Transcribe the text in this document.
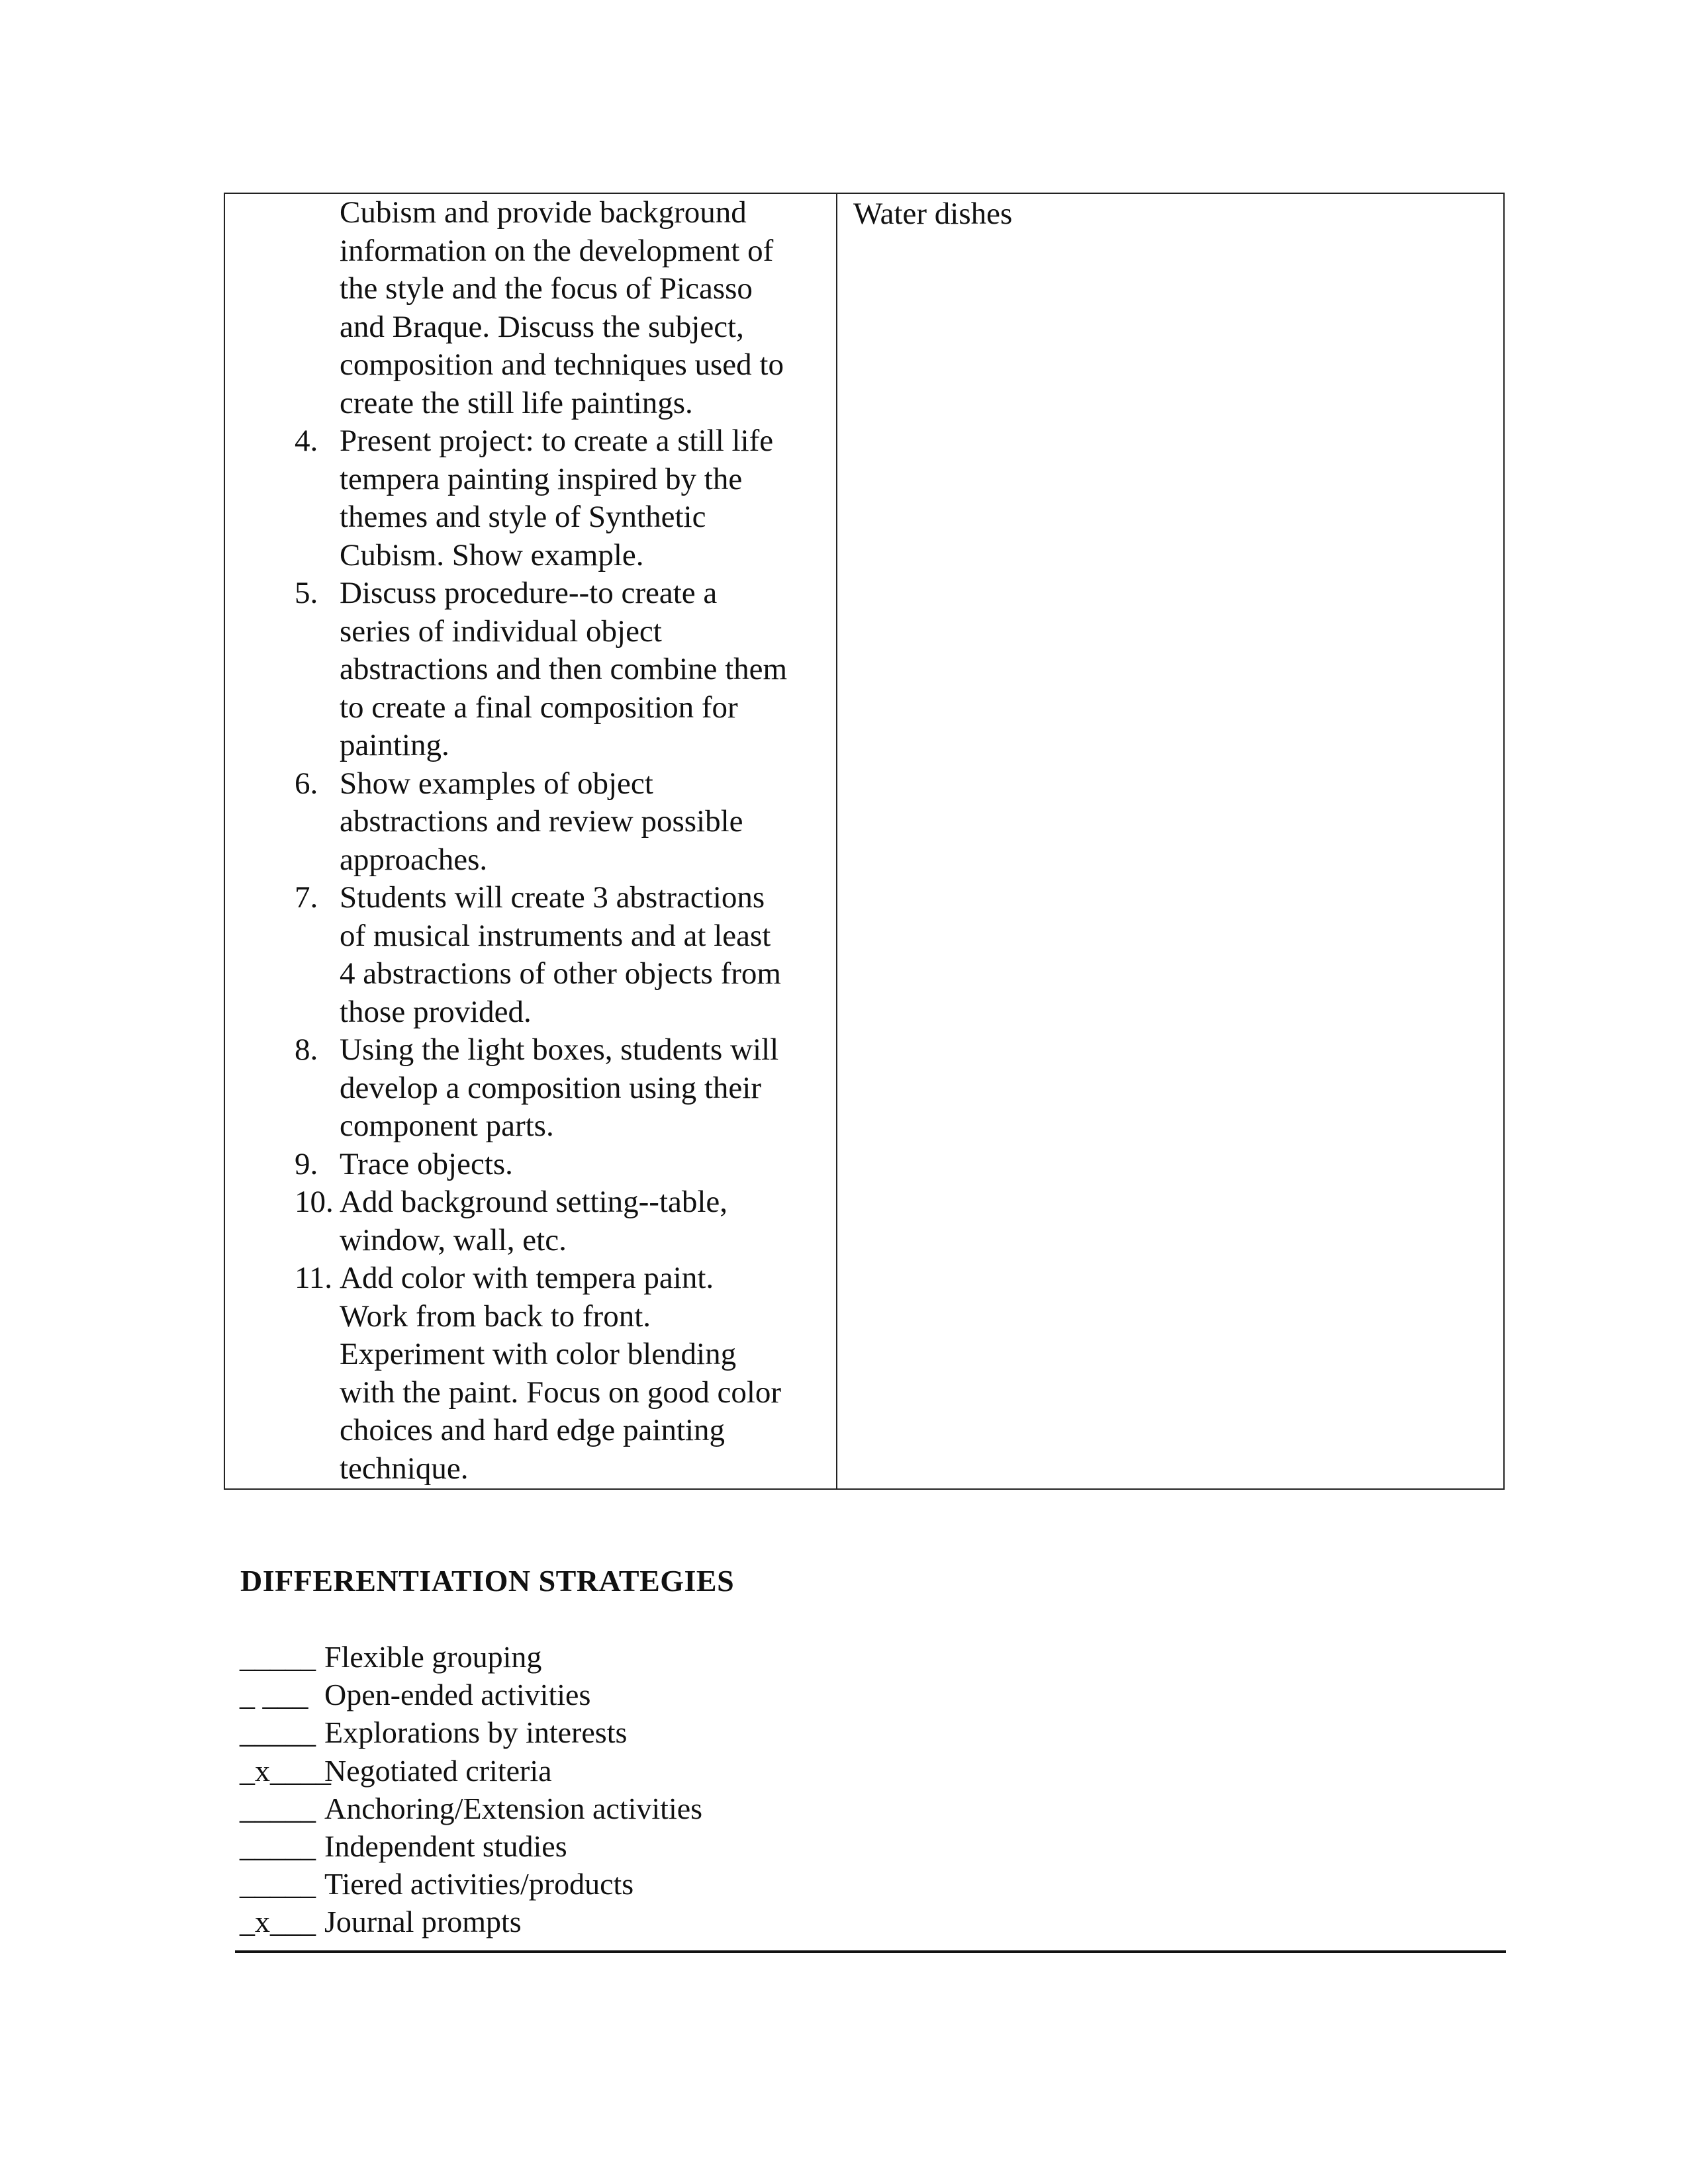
Cubism and provide background
information on the development of
the style and the focus of Picasso
and Braque. Discuss the subject,
composition and techniques used to
create the still life paintings.
4. Present project: to create a still life
tempera painting inspired by the
themes and style of Synthetic
Cubism. Show example.
5. Discuss procedure--to create a
series of individual object
abstractions and then combine them
to create a final composition for
painting.
6. Show examples of object
abstractions and review possible
approaches.
7. Students will create 3 abstractions
of musical instruments and at least
4 abstractions of other objects from
those provided.
8. Using the light boxes, students will
develop a composition using their
component parts.
9. Trace objects.
10. Add background setting--table,
window, wall, etc.
11. Add color with tempera paint.
Work from back to front.
Experiment with color blending
with the paint. Focus on good color
choices and hard edge painting
technique.
Water dishes
DIFFERENTIATION STRATEGIES
_____ Flexible grouping
_ ___ Open-ended activities
_____ Explorations by interests
_x____
Negotiated criteria
_____ Anchoring/Extension activities
_____ Independent studies
_____ Tiered activities/products
_x___ Journal prompts
